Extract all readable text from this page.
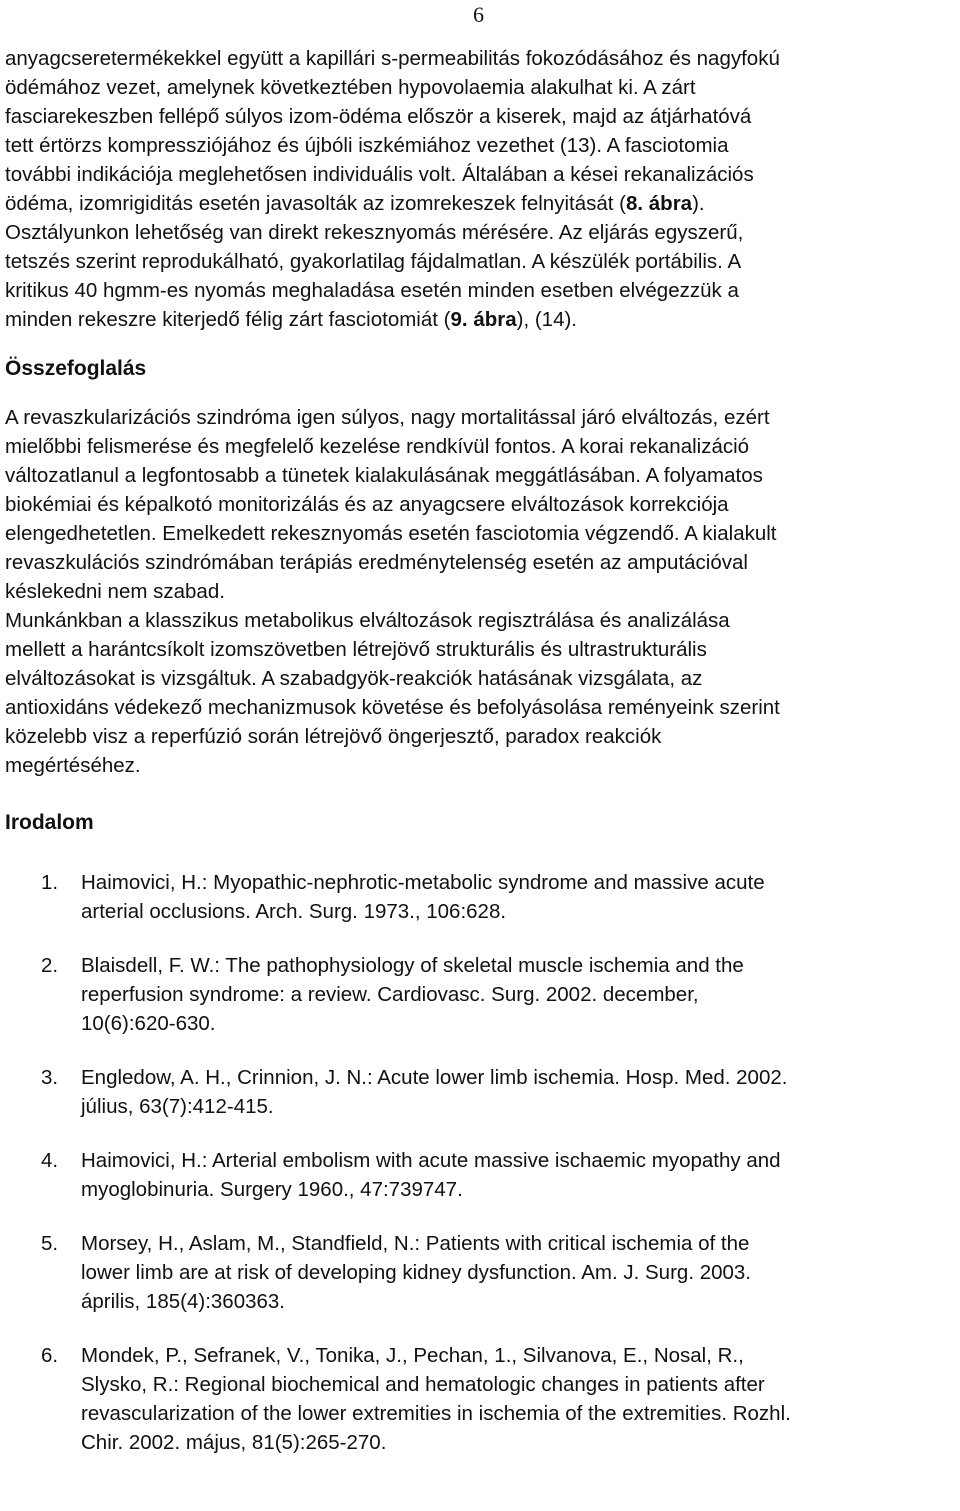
6

anyagcseretermékekkel együtt a kapillári s-permeabilitás fokozódásához és nagyfokú
ödémához vezet, amelynek következtében hypovolaemia alakulhat ki. A zárt
fasciarekeszben fellépő súlyos izom-ödéma először a kiserek, majd az átjárhatóvá
tett értörzs kompressziójához és újbóli iszkémiához vezethet (13). A fasciotomia
további indikációja meglehetősen individuális volt. Általában a kései rekanalizációs
ödéma, izomrigiditás esetén javasolták az izomrekeszek felnyitását (8. ábra).
Osztályunkon lehetőség van direkt rekesznyomás mérésére. Az eljárás egyszerű,
tetszés szerint reprodukálható, gyakorlatilag fájdalmatlan. A készülék portábilis. A
kritikus 40 hgmm-es nyomás meghaladása esetén minden esetben elvégezzük a
minden rekeszre kiterjedő félig zárt fasciotomiát (9. ábra), (14).

Összefoglalás

A revaszkularizációs szindróma igen súlyos, nagy mortalitással járó elváltozás, ezért
mielőbbi felismerése és megfelelő kezelése rendkívül fontos. A korai rekanalizáció
változatlanul a legfontosabb a tünetek kialakulásának meggátlásában. A folyamatos
biokémiai és képalkotó monitorizálás és az anyagcsere elváltozások korrekciója
elengedhetetlen. Emelkedett rekesznyomás esetén fasciotomia végzendő. A kialakult
revaszkulációs szindrómában terápiás eredménytelenség esetén az amputációval
késlekedni nem szabad.

Munkánkban a klasszikus metabolikus elváltozások regisztrálása és analizálása
mellett a harántcsíkolt izomszövetben létrejövő strukturális és ultrastrukturális
elváltozásokat is vizsgáltuk. A szabadgyök-reakciók hatásának vizsgálata, az
antioxidáns védekező mechanizmusok követése és befolyásolása reményeink szerint
közelebb visz a reperfúzió során létrejövő öngerjesztő, paradox reakciók
megértéséhez.

Irodalom
1. Haimovici, H.: Myopathic-nephrotic-metabolic syndrome and massive acute
arterial occlusions. Arch. Surg. 1973., 106:628.
2. Blaisdell, F. W.: The pathophysiology of skeletal muscle ischemia and the
reperfusion syndrome: a review. Cardiovasc. Surg. 2002. december,
10(6):620-630.
3. Engledow, A. H., Crinnion, J. N.: Acute lower limb ischemia. Hosp. Med. 2002.
július, 63(7):412-415.
4. Haimovici, H.: Arterial embolism with acute massive ischaemic myopathy and
myoglobinuria. Surgery 1960., 47:739747.
5. Morsey, H., Aslam, M., Standfield, N.: Patients with critical ischemia of the
lower limb are at risk of developing kidney dysfunction. Am. J. Surg. 2003.
április, 185(4):360363.
6. Mondek, P., Sefranek, V., Tonika, J., Pechan, 1., Silvanova, E., Nosal, R.,
Slysko, R.: Regional biochemical and hematologic changes in patients after
revascularization of the lower extremities in ischemia of the extremities. Rozhl.
Chir. 2002. május, 81(5):265-270.
